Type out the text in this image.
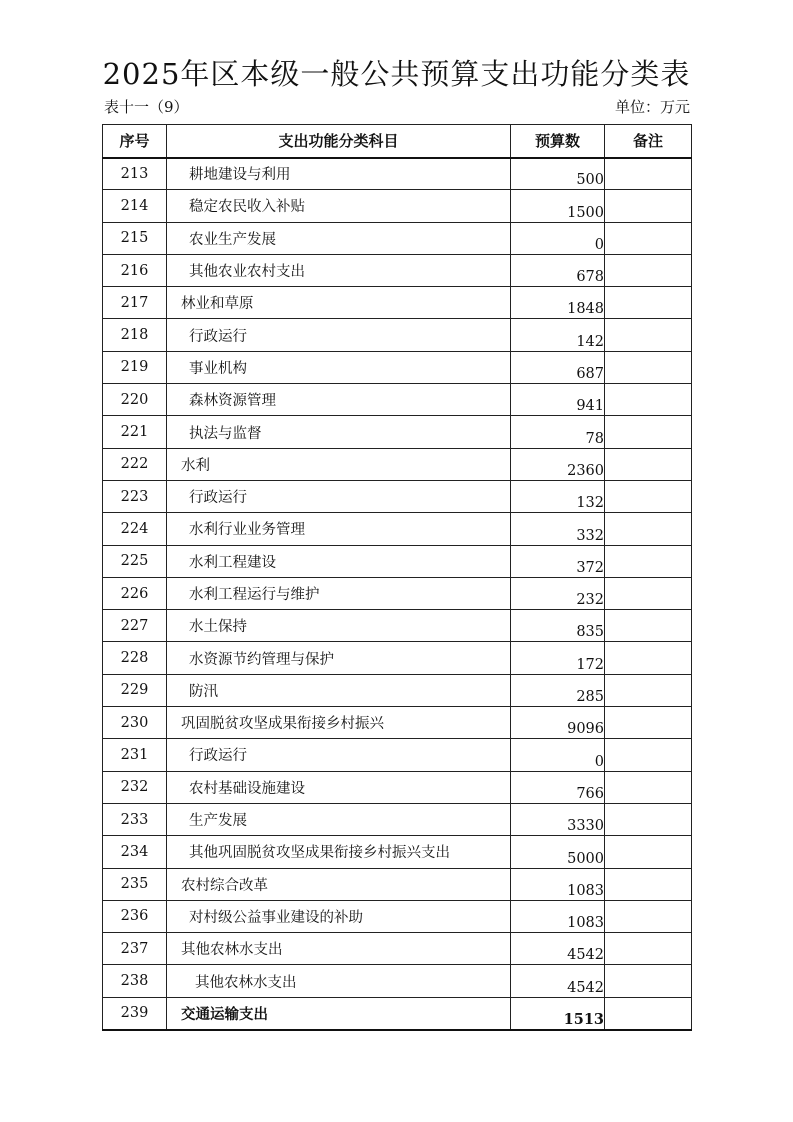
2025年区本级一般公共预算支出功能分类表
表十一（9）	单位：万元
序号	支出功能分类科目	预算数	备注
213	耕地建设与利用	500	
214	稳定农民收入补贴	1500	
215	农业生产发展	0	
216	其他农业农村支出	678	
217	林业和草原	1848	
218	行政运行	142	
219	事业机构	687	
220	森林资源管理	941	
221	执法与监督	78	
222	水利	2360	
223	行政运行	132	
224	水利行业业务管理	332	
225	水利工程建设	372	
226	水利工程运行与维护	232	
227	水土保持	835	
228	水资源节约管理与保护	172	
229	防汛	285	
230	巩固脱贫攻坚成果衔接乡村振兴	9096	
231	行政运行	0	
232	农村基础设施建设	766	
233	生产发展	3330	
234	其他巩固脱贫攻坚成果衔接乡村振兴支出	5000	
235	农村综合改革	1083	
236	对村级公益事业建设的补助	1083	
237	其他农林水支出	4542	
238	其他农林水支出	4542	
239	交通运输支出	1513	
